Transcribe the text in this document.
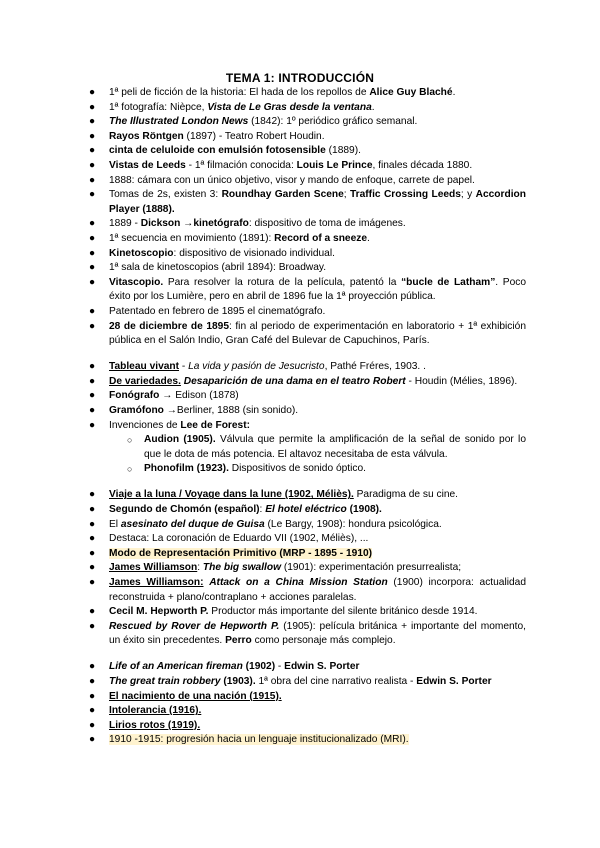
TEMA 1: INTRODUCCIÓN
●	1ª peli de ficción de la historia: El hada de los repollos de Alice Guy Blaché.
●	1ª fotografía: Nièpce, Vista de Le Gras desde la ventana.
●	The Illustrated London News (1842): 1º periódico gráfico semanal.
●	Rayos Röntgen (1897) - Teatro Robert Houdin.
●	cinta de celuloide con emulsión fotosensible (1889).
●	Vistas de Leeds - 1ª filmación conocida: Louis Le Prince, finales década 1880.
●	1888: cámara con un único objetivo, visor y mando de enfoque, carrete de papel.
●	Tomas de 2s, existen 3: Roundhay Garden Scene; Traffic Crossing Leeds; y Accordion Player (1888).
●	1889 - Dickson →kinetógrafo: dispositivo de toma de imágenes.
●	1ª secuencia en movimiento (1891): Record of a sneeze.
●	Kinetoscopio: dispositivo de visionado individual.
●	1ª sala de kinetoscopios (abril 1894): Broadway.
●	Vitascopio. Para resolver la rotura de la película, patentó la “bucle de Latham”. Poco éxito por los Lumière, pero en abril de 1896 fue la 1ª proyección pública.
●	Patentado en febrero de 1895 el cinematógrafo.
●	28 de diciembre de 1895: fin al periodo de experimentación en laboratorio + 1ª exhibición pública en el Salón Indio, Gran Café del Bulevar de Capuchinos, París.
●	Tableau vivant - La vida y pasión de Jesucristo, Pathé Fréres, 1903. .
●	De variedades. Desaparición de una dama en el teatro Robert - Houdin (Mélies, 1896).
●	Fonógrafo → Edison (1878)
●	Gramófono →Berliner, 1888 (sin sonido).
●	Invenciones de Lee de Forest:
○	Audion (1905). Válvula que permite la amplificación de la señal de sonido por lo que le dota de más potencia. El altavoz necesitaba de esta válvula.
○	Phonofilm (1923). Dispositivos de sonido óptico.
●	Viaje a la luna / Voyage dans la lune (1902, Méliès). Paradigma de su cine.
●	Segundo de Chomón (español): El hotel eléctrico (1908).
●	El asesinato del duque de Guisa (Le Bargy, 1908): hondura psicológica.
●	Destaca: La coronación de Eduardo VII (1902, Méliès), ...
●	Modo de Representación Primitivo (MRP - 1895 - 1910)
●	James Williamson: The big swallow (1901): experimentación presurrealista;
●	James Williamson: Attack on a China Mission Station (1900) incorpora: actualidad reconstruida + plano/contraplano + acciones paralelas.
●	Cecil M. Hepworth P. Productor más importante del silente británico desde 1914.
●	Rescued by Rover de Hepworth P. (1905): película británica + importante del momento, un éxito sin precedentes. Perro como personaje más complejo.
●	Life of an American fireman (1902) - Edwin S. Porter
●	The great train robbery (1903). 1ª obra del cine narrativo realista - Edwin S. Porter
●	El nacimiento de una nación (1915).
●	Intolerancia (1916).
●	Lirios rotos (1919).
●	1910 -1915: progresión hacia un lenguaje institucionalizado (MRI).
